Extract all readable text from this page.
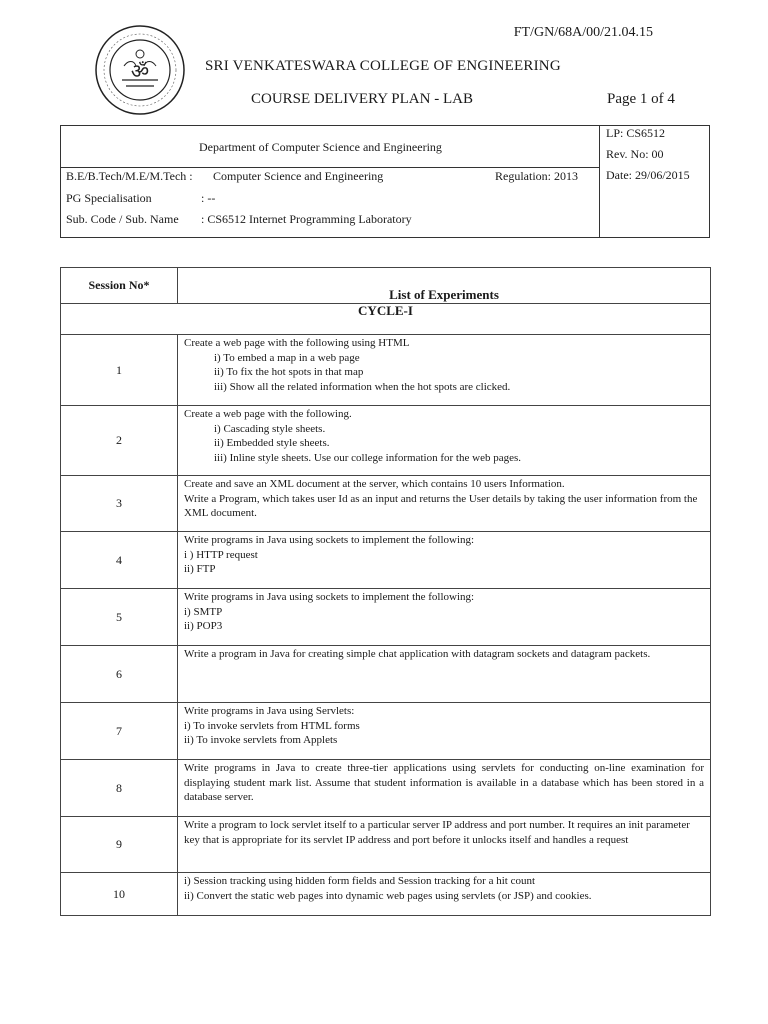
FT/GN/68A/00/21.04.15
ॐ	SRI VENKATESWARA COLLEGE OF ENGINEERING
COURSE DELIVERY PLAN - LAB	Page 1 of 4
Department of Computer Science and Engineering
B.E/B.Tech/M.E/M.Tech : Computer Science and Engineering	Regulation: 2013
PG Specialisation	: --
Sub. Code / Sub. Name : CS6512 Internet Programming Laboratory
LP: CS6512
Rev. No: 00
Date: 29/06/2015
Session No*	List of Experiments
CYCLE-I	
1	Create a web page with the following using HTML
i) To embed a map in a web page
ii) To fix the hot spots in that map
iii) Show all the related information when the hot spots are clicked.

2	Create a web page with the following.
i) Cascading style sheets.
ii) Embedded style sheets.
iii) Inline style sheets. Use our college information for the web pages.

3	Create and save an XML document at the server, which contains 10 users Information.
Write a Program, which takes user Id as an input and returns the User details by taking the user information from the XML document.

4	Write programs in Java using sockets to implement the following:
i ) HTTP request
ii) FTP

5	Write programs in Java using sockets to implement the following:
i) SMTP
ii) POP3

6	Write a program in Java for creating simple chat application with datagram sockets and datagram packets.

7	Write programs in Java using Servlets:
i) To invoke servlets from HTML forms
ii) To invoke servlets from Applets

8	Write programs in Java to create three-tier applications using servlets for conducting on-line examination for displaying student mark list. Assume that student information is available in a database which has been stored in a database server.

9	Write a program to lock servlet itself to a particular server IP address and port number. It requires an init parameter key that is appropriate for its servlet IP address and port before it unlocks itself and handles a request

10	i) Session tracking using hidden form fields and Session tracking for a hit count
ii) Convert the static web pages into dynamic web pages using servlets (or JSP) and cookies.
